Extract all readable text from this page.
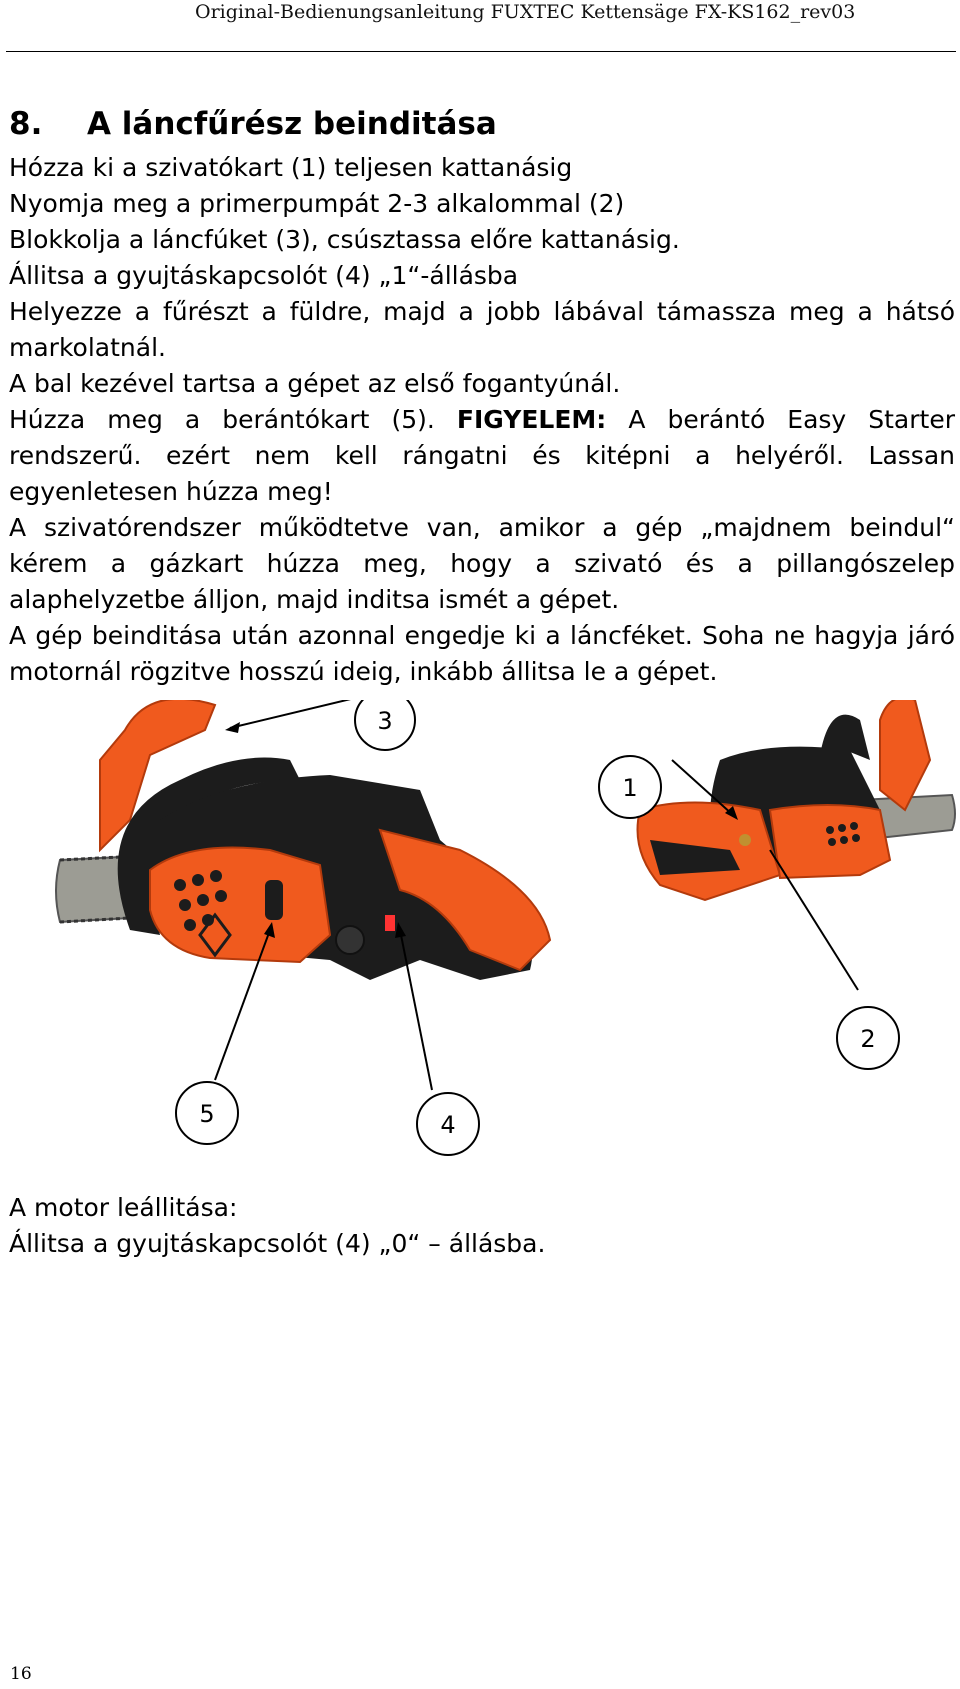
Original-Bedienungsanleitung FUXTEC Kettensäge FX-KS162_rev03
8. A láncfűrész beinditása

Hózza ki a szivatókart (1) teljesen kattanásig

Nyomja meg a primerpumpát 2-3 alkalommal (2)

Blokkolja a láncfúket (3), csúsztassa előre kattanásig.

Állitsa a gyujtáskapcsolót (4) „1“-állásba

Helyezze a fűrészt a füldre, majd a jobb lábával támassza meg a hátsó markolatnál.

A bal kezével tartsa a gépet az első fogantyúnál.

Húzza meg a berántókart (5). FIGYELEM: A berántó Easy Starter rendszerű. ezért nem kell rángatni és kitépni a helyéről. Lassan egyenletesen húzza meg!

A szivatórendszer működtetve van, amikor a gép „majdnem beindul“ kérem a gázkart húzza meg, hogy a szivató és a pillangószelep alaphelyzetbe álljon, majd inditsa ismét a gépet.

A gép beinditása után azonnal engedje ki a láncféket. Soha ne hagyja járó motornál rögzitve hosszú ideig, inkább állitsa le a gépet.

3
1
2
5	4

A motor leállitása:

Állitsa a gyujtáskapcsolót (4) „0“ – állásba.

16
